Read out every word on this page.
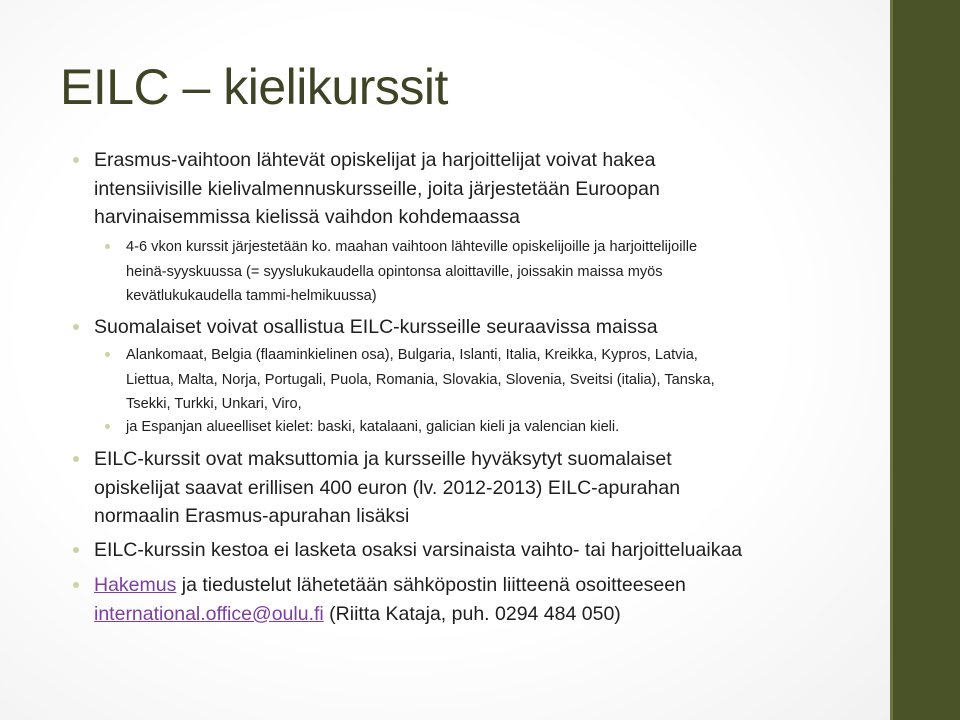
EILC – kielikurssit
Erasmus-vaihtoon lähtevät opiskelijat ja harjoittelijat voivat hakea
intensiivisille kielivalmennuskursseille, joita järjestetään Euroopan
harvinaisemmissa kielissä vaihdon kohdemaassa
4-6 vkon kurssit järjestetään ko. maahan vaihtoon lähteville opiskelijoille ja harjoittelijoille
heinä-syyskuussa (= syyslukukaudella opintonsa aloittaville, joissakin maissa myös
kevätlukukaudella tammi-helmikuussa)
Suomalaiset voivat osallistua EILC-kursseille seuraavissa maissa
Alankomaat, Belgia (flaaminkielinen osa), Bulgaria, Islanti, Italia, Kreikka, Kypros, Latvia,
Liettua, Malta, Norja, Portugali, Puola, Romania, Slovakia, Slovenia, Sveitsi (italia), Tanska,
Tsekki, Turkki, Unkari, Viro,
ja Espanjan alueelliset kielet: baski, katalaani, galician kieli ja valencian kieli.
EILC-kurssit ovat maksuttomia ja kursseille hyväksytyt suomalaiset
opiskelijat saavat erillisen 400 euron (lv. 2012-2013) EILC-apurahan
normaalin Erasmus-apurahan lisäksi
EILC-kurssin kestoa ei lasketa osaksi varsinaista vaihto- tai harjoitteluaikaa
Hakemus ja tiedustelut lähetetään sähköpostin liitteenä osoitteeseen
international.office@oulu.fi (Riitta Kataja, puh. 0294 484 050)
